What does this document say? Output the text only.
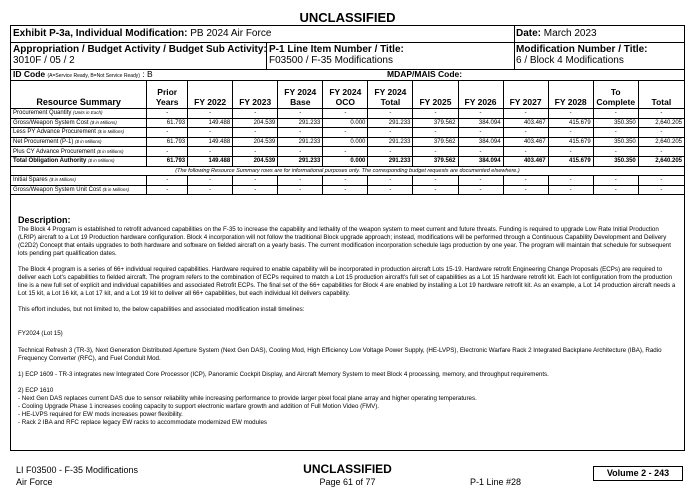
UNCLASSIFIED
Exhibit P-3a, Individual Modification: PB 2024 Air Force	Date: March 2023
Appropriation / Budget Activity / Budget Sub Activity:
3010F / 05 / 2
P-1 Line Item Number / Title:
F03500 / F-35 Modifications
Modification Number / Title:
6 / Block 4 Modifications
ID Code (A=Service Ready, B=Not Service Ready) : B	MDAP/MAIS Code:
Resource Summary	Prior Years	FY 2022	FY 2023	FY 2024 Base	FY 2024 OCO	FY 2024 Total	FY 2025	FY 2026	FY 2027	FY 2028	To Complete	Total
Procurement Quantity (Units in Each)	-	-	-	-	-	-	-	-	-	-	-	-
Gross/Weapon System Cost ($ in Millions)	61.793	149.488	204.539	291.233	0.000	291.233	379.562	384.094	403.467	415.679	350.350	2,640.205
Less PY Advance Procurement ($ in Millions)	-	-	-	-	-	-	-	-	-	-	-	-
Net Procurement (P-1) ($ in Millions)	61.793	149.488	204.539	291.233	0.000	291.233	379.562	384.094	403.467	415.679	350.350	2,640.205
Plus CY Advance Procurement ($ in Millions)	-	-	-	-	-	-	-	-	-	-	-	-
Total Obligation Authority ($ in Millions)	61.793	149.488	204.539	291.233	0.000	291.233	379.562	384.094	403.467	415.679	350.350	2,640.205
(The following Resource Summary rows are for informational purposes only. The corresponding budget requests are documented elsewhere.)												
Initial Spares ($ in Millions)	-	-	-	-	-	-	-	-	-	-	-	-
Gross/Weapon System Unit Cost ($ in Millions)	-	-	-	-	-	-	-	-	-	-	-	-
Description:
The Block 4 Program is established to retrofit advanced capabilities on the F-35 to increase the capability and lethality of the weapon system to meet current and future threats. Funding is required to upgrade Low Rate Initial Production (LRIP) aircraft to a Lot 19 Production hardware configuration. Block 4 incorporation will not follow the traditional Block upgrade approach; instead, modifications will be performed through a Continuous Capability Development and Delivery (C2D2) Concept that entails upgrades to both hardware and software on fielded aircraft on a yearly basis. The current modification incorporation schedule lags production by one year. The program will maintain that schedule for subsequent lots pending part qualification dates.
The Block 4 program is a series of 66+ individual required capabilities. Hardware required to enable capability will be incorporated in production aircraft Lots 15-19. Hardware retrofit Engineering Change Proposals (ECPs) are required to deliver each Lot's capabilities to fielded aircraft. The program refers to the combination of ECPs required to match a Lot 15 production aircraft's full set of capabilities as a Lot 15 hardware retrofit kit. Each lot configuration from the production line is a new full set of explicit and individual capabilities and associated Retrofit ECPs. The final set of the 66+ capabilities for Block 4 are enabled by installing a Lot 19 hardware retrofit kit. As an example, a Lot 14 production aircraft needs a Lot 15 kit, a Lot 16 kit, a Lot 17 kit, and a Lot 19 kit to deliver all 66+ capabilities, but each individual kit delivers capability.
This effort includes, but not limited to, the below capabilities and associated modification install timelines:
FY2024 (Lot 15)
Technical Refresh 3 (TR-3), Next Generation Distributed Aperture System (Next Gen DAS), Cooling Mod, High Efficiency Low Voltage Power Supply, (HE-LVPS), Electronic Warfare Rack 2 Integrated Backplane Architecture (IBA), Radio Frequency Converter (RFC), and Fuel Conduit Mod.
1) ECP 1609 - TR-3 integrates new Integrated Core Processor (ICP), Panoramic Cockpit Display, and Aircraft Memory System to meet Block 4 processing, memory, and throughput requirements.
2) ECP 1610
- Next Gen DAS replaces current DAS due to sensor reliability while increasing performance to provide larger pixel focal plane array and higher operating temperatures.
- Cooling Upgrade Phase 1 increases cooling capacity to support electronic warfare growth and addition of Full Motion Video (FMV).
- HE-LVPS required for EW mods increases power flexibility.
- Rack 2 IBA and RFC replace legacy EW racks to accommodate modernized EW modules
LI F03500 - F-35 Modifications
Air Force
UNCLASSIFIED
Page 61 of 77	P-1 Line #28
Volume 2 - 243
